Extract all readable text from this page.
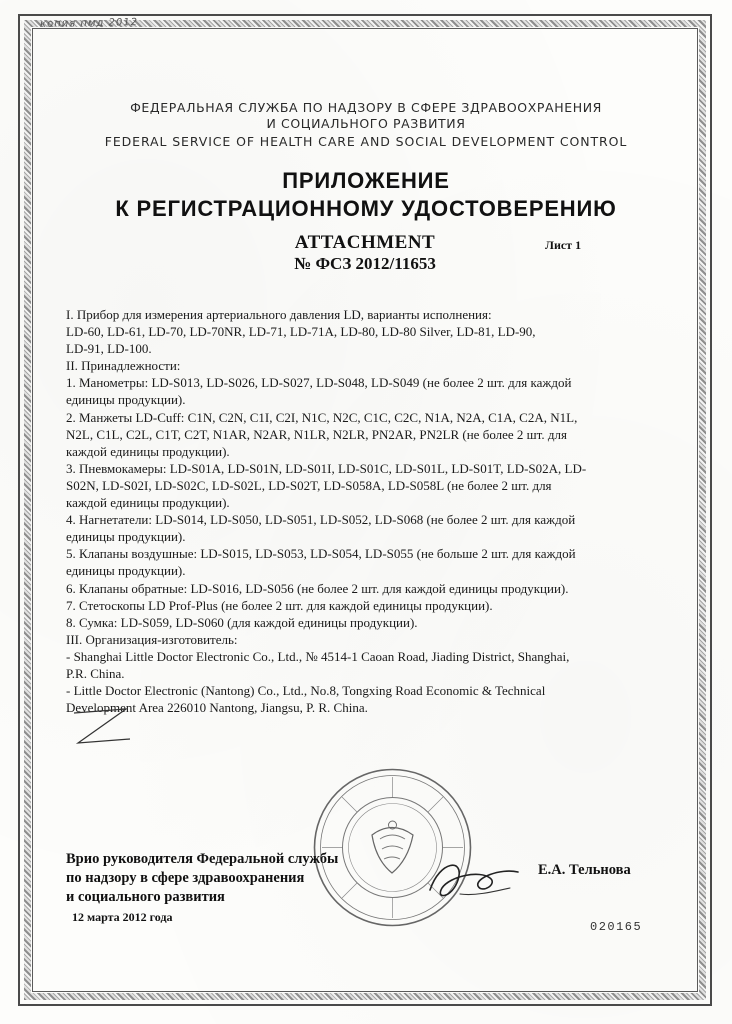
копия пмд 2012
ФЕДЕРАЛЬНАЯ СЛУЖБА ПО НАДЗОРУ В СФЕРЕ ЗДРАВООХРАНЕНИЯ
И СОЦИАЛЬНОГО РАЗВИТИЯ
FEDERAL SERVICE OF HEALTH CARE AND SOCIAL DEVELOPMENT CONTROL
ПРИЛОЖЕНИЕ
К РЕГИСТРАЦИОННОМУ УДОСТОВЕРЕНИЮ
ATTACHMENT
№ ФСЗ 2012/11653
Лист 1

I. Прибор для измерения артериального давления LD, варианты исполнения:

LD-60, LD-61, LD-70, LD-70NR, LD-71, LD-71A, LD-80, LD-80 Silver, LD-81, LD-90,

LD-91, LD-100.

II. Принадлежности:

1. Манометры: LD-S013, LD-S026, LD-S027, LD-S048, LD-S049 (не более 2 шт. для каждой

единицы продукции).

2. Манжеты LD-Cuff: C1N, C2N, C1I, C2I, N1C, N2C, C1C, C2C, N1A, N2A, C1A, C2A, N1L,

N2L, C1L, C2L, C1T, C2T, N1AR, N2AR, N1LR, N2LR, PN2AR, PN2LR (не более 2 шт. для

каждой единицы продукции).

3. Пневмокамеры: LD-S01A, LD-S01N, LD-S01I, LD-S01C, LD-S01L, LD-S01T, LD-S02A, LD-

S02N, LD-S02I, LD-S02C, LD-S02L, LD-S02T, LD-S058A, LD-S058L (не более 2 шт. для

каждой единицы продукции).

4. Нагнетатели: LD-S014, LD-S050, LD-S051, LD-S052, LD-S068 (не более 2 шт. для каждой

единицы продукции).

5. Клапаны воздушные: LD-S015, LD-S053, LD-S054, LD-S055 (не больше 2 шт. для каждой

единицы продукции).

6. Клапаны обратные: LD-S016, LD-S056 (не более 2 шт. для каждой единицы продукции).

7. Стетоскопы LD Prof-Plus (не более 2 шт. для каждой единицы продукции).

8. Сумка: LD-S059, LD-S060 (для каждой единицы продукции).

III. Организация-изготовитель:

- Shanghai Little Doctor Electronic Co., Ltd., № 4514-1 Caoan Road, Jiading District, Shanghai,

P.R. China.

- Little Doctor Electronic (Nantong) Co., Ltd., No.8, Tongxing Road Economic & Technical

Development Area 226010 Nantong, Jiangsu, P. R. China.

Врио руководителя Федеральной службы
по надзору в сфере здравоохранения
и социального развития
12 марта 2012 года
Е.А. Тельнова
020165
